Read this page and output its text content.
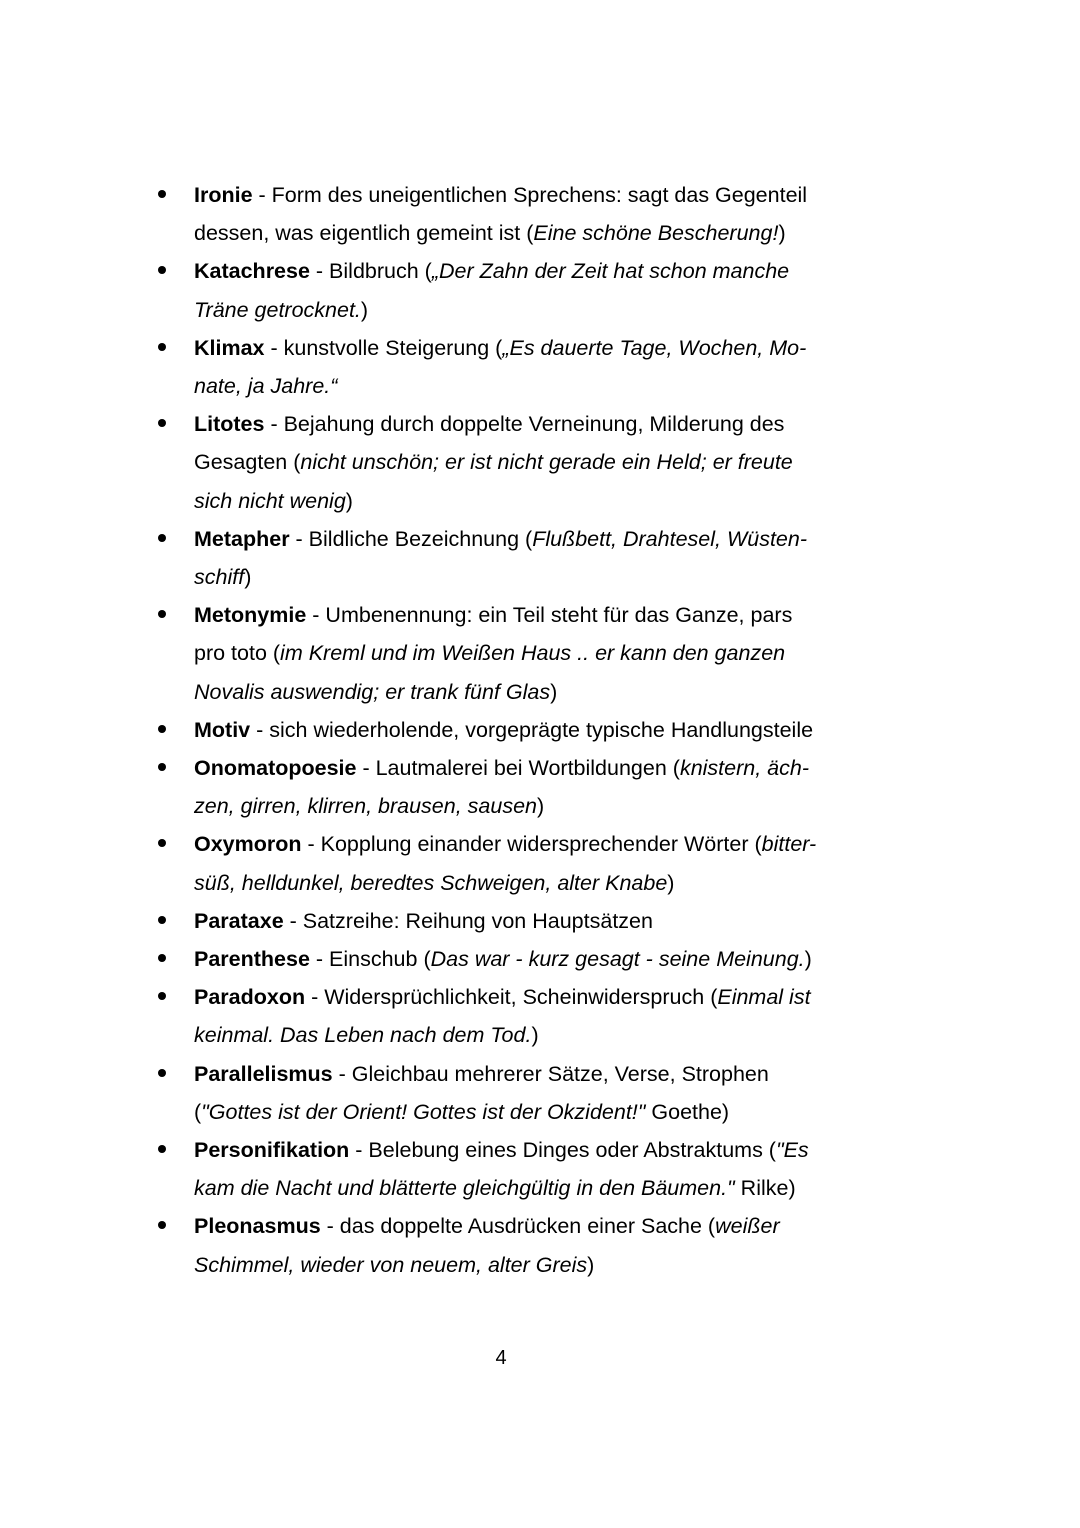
Ironie - Form des uneigentlichen Sprechens: sagt das Gegenteil
dessen, was eigentlich gemeint ist (Eine schöne Bescherung!)
Katachrese - Bildbruch („Der Zahn der Zeit hat schon manche
Träne getrocknet.)
Klimax - kunstvolle Steigerung („Es dauerte Tage, Wochen, Mo-
nate, ja Jahre.“
Litotes - Bejahung durch doppelte Verneinung, Milderung des
Gesagten (nicht unschön; er ist nicht gerade ein Held; er freute
sich nicht wenig)
Metapher - Bildliche Bezeichnung (Flußbett, Drahtesel, Wüsten-
schiff)
Metonymie - Umbenennung: ein Teil steht für das Ganze, pars
pro toto (im Kreml und im Weißen Haus .. er kann den ganzen
Novalis auswendig; er trank fünf Glas)
Motiv - sich wiederholende, vorgeprägte typische Handlungsteile
Onomatopoesie - Lautmalerei bei Wortbildungen (knistern, äch-
zen, girren, klirren, brausen, sausen)
Oxymoron - Kopplung einander widersprechender Wörter (bitter-
süß, helldunkel, beredtes Schweigen, alter Knabe)
Parataxe - Satzreihe: Reihung von Hauptsätzen
Parenthese - Einschub (Das war - kurz gesagt - seine Meinung.)
Paradoxon - Widersprüchlichkeit, Scheinwiderspruch (Einmal ist
keinmal. Das Leben nach dem Tod.)
Parallelismus - Gleichbau mehrerer Sätze, Verse, Strophen
("Gottes ist der Orient! Gottes ist der Okzident!" Goethe)
Personifikation - Belebung eines Dinges oder Abstraktums ("Es
kam die Nacht und blätterte gleichgültig in den Bäumen." Rilke)
Pleonasmus - das doppelte Ausdrücken einer Sache (weißer
Schimmel, wieder von neuem, alter Greis)
4
